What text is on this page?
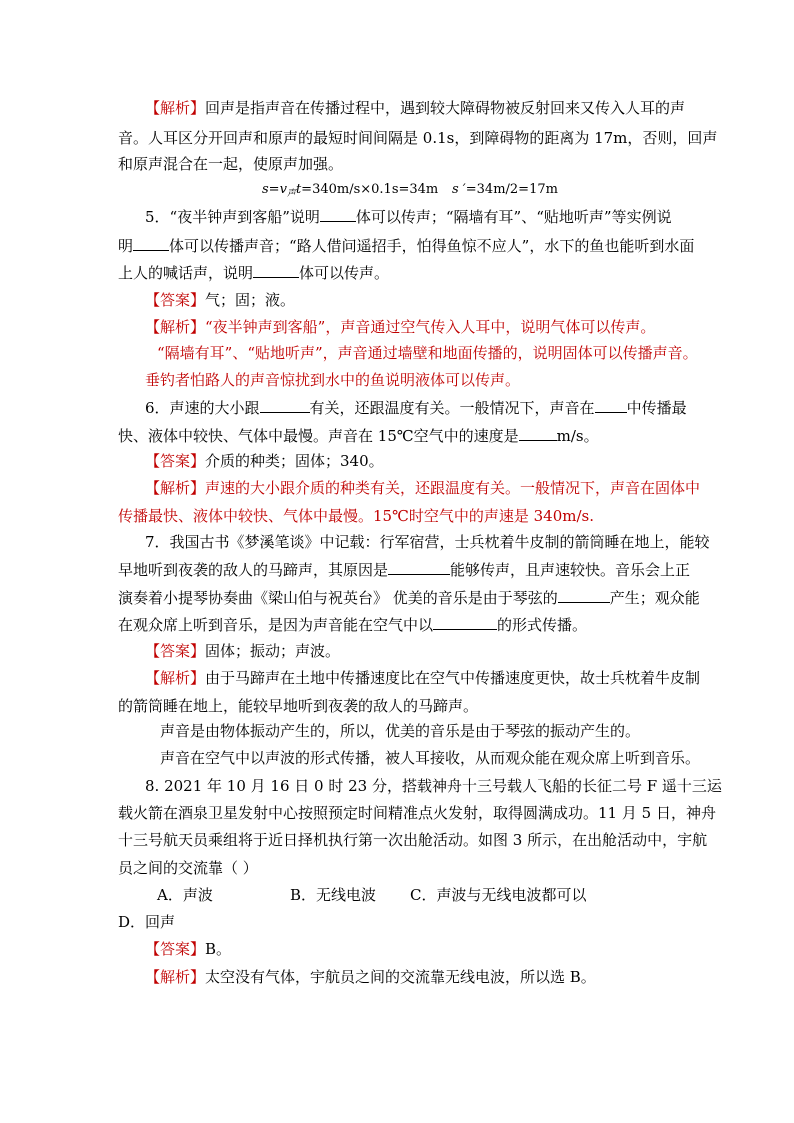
【解析】回声是指声音在传播过程中，遇到较大障碍物被反射回来又传入人耳的声
音。人耳区分开回声和原声的最短时间间隔是 0.1s，到障碍物的距离为 17m，否则，回声
和原声混合在一起，使原声加强。
$s=v_声t=340m/s\times 0.1s=34m$ s ′=34m/2=17m
5．“夜半钟声到客船”说明 体可以传声；“隔墙有耳”、“贴地听声”等实例说
明 体可以传播声音；“路人借问遥招手，怕得鱼惊不应人”，水下的鱼也能听到水面
上人的喊话声，说明	体可以传声。
【答案】气；固；液。
【解析】“夜半钟声到客船”，声音通过空气传入人耳中，说明气体可以传声。
“隔墙有耳”、“贴地听声”，声音通过墙壁和地面传播的，说明固体可以传播声音。
垂钓者怕路人的声音惊扰到水中的鱼说明液体可以传声。
6．声速的大小跟	有关，还跟温度有关。一般情况下，声音在 中传播最
快、液体中较快、气体中最慢。声音在 15℃空气中的速度是	m/s。
【答案】介质的种类；固体；340。
【解析】声速的大小跟介质的种类有关，还跟温度有关。一般情况下，声音在固体中
传播最快、液体中较快、气体中最慢。15℃时空气中的声速是 340m/s.
7．我国古书《梦溪笔谈》中记载：行军宿营，士兵枕着牛皮制的箭筒睡在地上，能较
早地听到夜袭的敌人的马蹄声，其原因是	能够传声，且声速较快。音乐会上正
演奏着小提琴协奏曲《梁山伯与祝英台》 优美的音乐是由于琴弦的	产生；观众能
在观众席上听到音乐，是因为声音能在空气中以	的形式传播。
【答案】固体；振动；声波。
【解析】由于马蹄声在土地中传播速度比在空气中传播速度更快，故士兵枕着牛皮制
的箭筒睡在地上，能较早地听到夜袭的敌人的马蹄声。
声音是由物体振动产生的，所以，优美的音乐是由于琴弦的振动产生的。
声音在空气中以声波的形式传播，被人耳接收，从而观众能在观众席上听到音乐。
8. 2021 年 10 月 16 日 0 时 23 分，搭载神舟十三号载人飞船的长征二号 F 遥十三运
载火箭在酒泉卫星发射中心按照预定时间精准点火发射，取得圆满成功。11 月 5 日，神舟
十三号航天员乘组将于近日择机执行第一次出舱活动。如图 3 所示，在出舱活动中，宇航
员之间的交流靠（ ）
A．声波	B．无线电波 C．声波与无线电波都可以
D．回声
【答案】B。
【解析】太空没有气体，宇航员之间的交流靠无线电波，所以选 B。
